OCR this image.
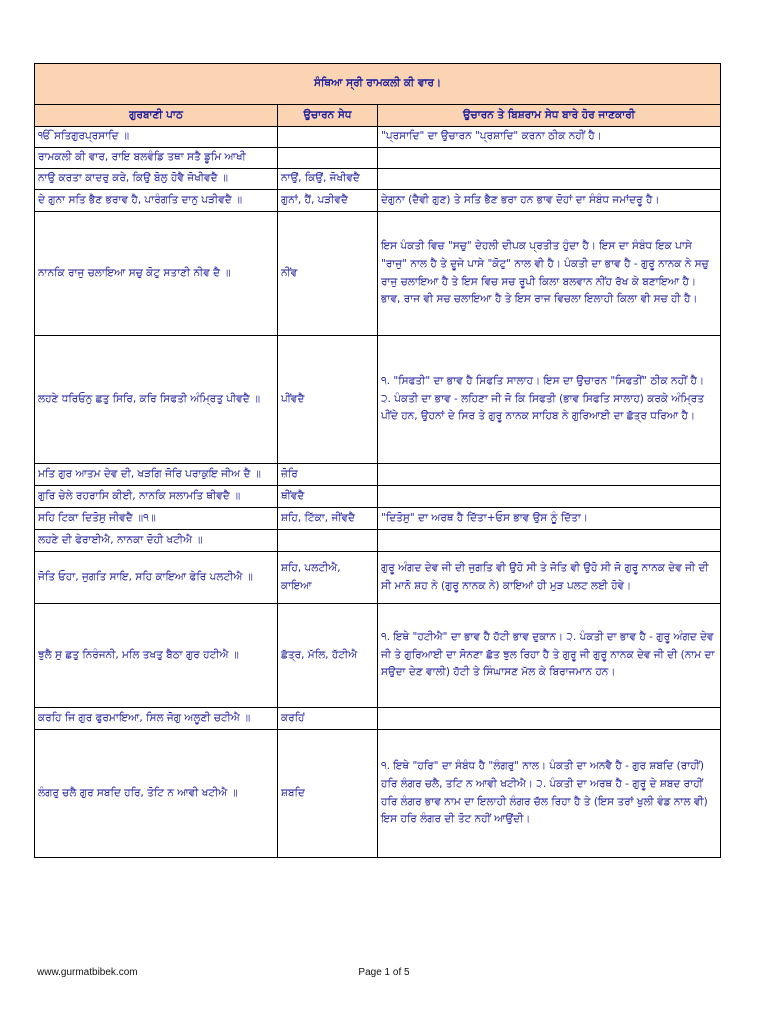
ਸੰਥਿਆ ਸ੍ਰੀ ਰਾਮਕਲੀ ਕੀ ਵਾਰ।		
ਗੁਰਬਾਣੀ ਪਾਠ	ਉਚਾਰਨ ਸੇਧ	ਉਚਾਰਨ ਤੇ ਬਿਸ਼ਰਾਮ ਸੇਧ ਬਾਰੇ ਹੋਰ ਜਾਣਕਾਰੀ
ੴ ਸਤਿਗੁਰਪ੍ਰਸਾਦਿ ॥		"ਪ੍ਰਸਾਦਿ" ਦਾ ਉਚਾਰਨ "ਪ੍ਰਸ਼ਾਦਿ" ਕਰਨਾ ਠੀਕ ਨਹੀਂ ਹੈ।
ਰਾਮਕਲੀ ਕੀ ਵਾਰ, ਰਾਇ ਬਲਵੰਡਿ ਤਥਾ ਸਤੈ ਡੂਮਿ ਆਖੀ		
ਨਾਉ ਕਰਤਾ ਕਾਦਰੁ ਕਰੇ, ਕਿਉ ਬੋਲੁ ਹੋਵੈ ਜੋਖੀਵਦੈ ॥	ਨਾਉਂ, ਕਿਉਂ, ਜੋਖੀਵਦੈ	
ਦੇ ਗੁਨਾ ਸਤਿ ਭੈਣ ਭਰਾਵ ਹੈ, ਪਾਰੰਗਤਿ ਦਾਨੁ ਪੜੀਵਦੈ ॥	ਗੁਨਾਂ, ਹੈਂ, ਪੜੀਵਦੈ	ਦੇਗੁਨਾ (ਦੈਵੀ ਗੁਣ) ਤੇ ਸਤਿ ਭੈਣ ਭਰਾ ਹਨ ਭਾਵ ਦੋਹਾਂ ਦਾ ਸੰਬੰਧ ਜਮਾਂਦਰੂ ਹੈ।
ਨਾਨਕਿ ਰਾਜੁ ਚਲਾਇਆ ਸਚੁ ਕੋਟੁ ਸਤਾਣੀ ਨੀਵ ਦੈ ॥	ਨੀਂਵ	ਇਸ ਪੰਕਤੀ ਵਿਚ "ਸਚੁ" ਦੇਹਲੀ ਦੀਪਕ ਪ੍ਰਤੀਤ ਹੁੰਦਾ ਹੈ। ਇਸ ਦਾ ਸੰਬੰਧ ਇਕ ਪਾਸੇ "ਰਾਜੁ" ਨਾਲ ਹੈ ਤੇ ਦੂਜੇ ਪਾਸੇ "ਕੋਟੁ" ਨਾਲ ਵੀ ਹੈ। ਪੰਕਤੀ ਦਾ ਭਾਵ ਹੈ - ਗੁਰੂ ਨਾਨਕ ਨੇ ਸਚੁ ਰਾਜੁ ਚਲਾਇਆ ਹੈ ਤੇ ਇਸ ਵਿਚ ਸਚ ਰੂਪੀ ਕਿਲਾ ਬਲਵਾਨ ਨੀਂਹ ਰੱਖ ਕੇ ਬਣਾਇਆ ਹੈ। ਭਾਵ, ਰਾਜ ਵੀ ਸਚ ਚਲਾਇਆ ਹੈ ਤੇ ਇਸ ਰਾਜ ਵਿਚਲਾ ਇਲਾਹੀ ਕਿਲਾ ਵੀ ਸਚ ਹੀ ਹੈ।
ਲਹਣੇ ਧਰਿਓਨੁ ਛਤੁ ਸਿਰਿ, ਕਰਿ ਸਿਫਤੀ ਅੰਮ੍ਰਿਤੁ ਪੀਵਦੈ ॥	ਪੀਂਵਦੈ	੧. "ਸਿਫਤੀ" ਦਾ ਭਾਵ ਹੈ ਸਿਫਤਿ ਸਾਲਾਹ। ਇਸ ਦਾ ਉਚਾਰਨ "ਸਿਫਤੀਂ" ਠੀਕ ਨਹੀਂ ਹੈ। ੨. ਪੰਕਤੀ ਦਾ ਭਾਵ - ਲਹਿਣਾ ਜੀ ਜੋ ਕਿ ਸਿਫਤੀ (ਭਾਵ ਸਿਫਤਿ ਸਾਲਾਹ) ਕਰਕੇ ਅੰਮ੍ਰਿਤ ਪੀਂਦੇ ਹਨ, ਉਹਨਾਂ ਦੇ ਸਿਰ ਤੇ ਗੁਰੂ ਨਾਨਕ ਸਾਹਿਬ ਨੇ ਗੁਰਿਆਈ ਦਾ ਛੱਤ੍ਰ ਧਰਿਆ ਹੈ।
ਮਤਿ ਗੁਰ ਆਤਮ ਦੇਵ ਦੀ, ਖੜਗਿ ਜੋਰਿ ਪਰਾਕੁਇ ਜੀਅ ਦੈ ॥	ਜ਼ੋਰਿ	
ਗੁਰਿ ਚੇਲੇ ਰਹਰਾਸਿ ਕੀਈ, ਨਾਨਕਿ ਸਲਾਮਤਿ ਥੀਵਦੈ ॥	ਥੀਂਵਦੈ	
ਸਹਿ ਟਿਕਾ ਦਿਤੋਸੁ ਜੀਵਦੈ ॥੧॥	ਸ਼ਹਿ, ਟਿੱਕਾ, ਜੀਂਵਦੈ	"ਦਿਤੋਸੁ" ਦਾ ਅਰਥ ਹੈ ਦਿੱਤਾ+ਓਸ ਭਾਵ ਉਸ ਨੂੰ ਦਿੱਤਾ।
ਲਹਣੇ ਦੀ ਫੇਰਾਈਐ, ਨਾਨਕਾ ਦੋਹੀ ਖਟੀਐ ॥		
ਜੋਤਿ ਓਹਾ, ਜੁਗਤਿ ਸਾਇ, ਸਹਿ ਕਾਇਆ ਫੇਰਿ ਪਲਟੀਐ ॥	ਸ਼ਹਿ, ਪਲਟੀਐ, ਕਾਇਆ	ਗੁਰੂ ਅੰਗਦ ਦੇਵ ਜੀ ਦੀ ਜੁਗਤਿ ਵੀ ਉਹੋ ਸੀ ਤੇ ਜੋਤਿ ਵੀ ਉਹੋ ਸੀ ਜੋ ਗੁਰੂ ਨਾਨਕ ਦੇਵ ਜੀ ਦੀ ਸੀ ਮਾਨੋ ਸ਼ਹ ਨੇ (ਗੁਰੂ ਨਾਨਕ ਨੇ) ਕਾਇਆਂ ਹੀ ਮੁੜ ਪਲਟ ਲਈ ਹੋਵੇ।
ਝੁਲੈ ਸੁ ਛਤੁ ਨਿਰੰਜਨੀ, ਮਲਿ ਤਖਤੁ ਬੈਠਾ ਗੁਰ ਹਟੀਐ ॥	ਛੱਤ੍ਰ, ਮੱਲਿ, ਹੱਟੀਐ	੧. ਇਥੇ "ਹਟੀਐ" ਦਾ ਭਾਵ ਹੈ ਹੱਟੀ ਭਾਵ ਦੁਕਾਨ। ੨. ਪੰਕਤੀ ਦਾ ਭਾਵ ਹੈ - ਗੁਰੂ ਅੰਗਦ ਦੇਵ ਜੀ ਤੇ ਗੁਰਿਆਈ ਦਾ ਸੋਨਣਾ ਛੱਤ ਝੁਲ ਰਿਹਾ ਹੈ ਤੇ ਗੁਰੂ ਜੀ ਗੁਰੂ ਨਾਨਕ ਦੇਵ ਜੀ ਦੀ (ਨਾਮ ਦਾ ਸਉਦਾ ਦੇਣ ਵਾਲੀ) ਹੱਟੀ ਤੇ ਸਿੰਘਾਸਣ ਮੱਲ ਕੇ ਬਿਰਾਜਮਾਨ ਹਨ।
ਕਰਹਿ ਜਿ ਗੁਰ ਫੁਰਮਾਇਆ, ਸਿਲ ਜੋਗੁ ਅਲੂਣੀ ਚਟੀਐ ॥	ਕਰਹਿਂ	
ਲੰਗਰੁ ਚਲੈ ਗੁਰ ਸਬਦਿ ਹਰਿ, ਤੋਟਿ ਨ ਆਵੀ ਖਟੀਐ ॥	ਸ਼ਬਦਿ	੧. ਇਥੇ "ਹਰਿ" ਦਾ ਸੰਬੰਧ ਹੈ "ਲੰਗਰੁ" ਨਾਲ। ਪੰਕਤੀ ਦਾ ਅਨਵੈ ਹੈ - ਗੁਰ ਸ਼ਬਦਿ (ਰਾਹੀਂ) ਹਰਿ ਲੰਗਰ ਚਲੈ, ਤਟਿ ਨ ਆਵੀ ਖਟੀਐ। ੨. ਪੰਕਤੀ ਦਾ ਅਰਥ ਹੈ - ਗੁਰੂ ਦੇ ਸ਼ਬਦ ਰਾਹੀਂ ਹਰਿ ਲੰਗਰ ਭਾਵ ਨਾਮ ਦਾ ਇਲਾਹੀ ਲੰਗਰ ਚੱਲ ਰਿਹਾ ਹੈ ਤੇ (ਇਸ ਤਰਾਂ ਖੁਲੀ ਵੰਡ ਨਾਲ ਵੀ) ਇਸ ਹਰਿ ਲੰਗਰ ਦੀ ਤੋਟ ਨਹੀਂ ਆਉਂਦੀ।
www.gurmatbibek.com	Page 1 of 5
